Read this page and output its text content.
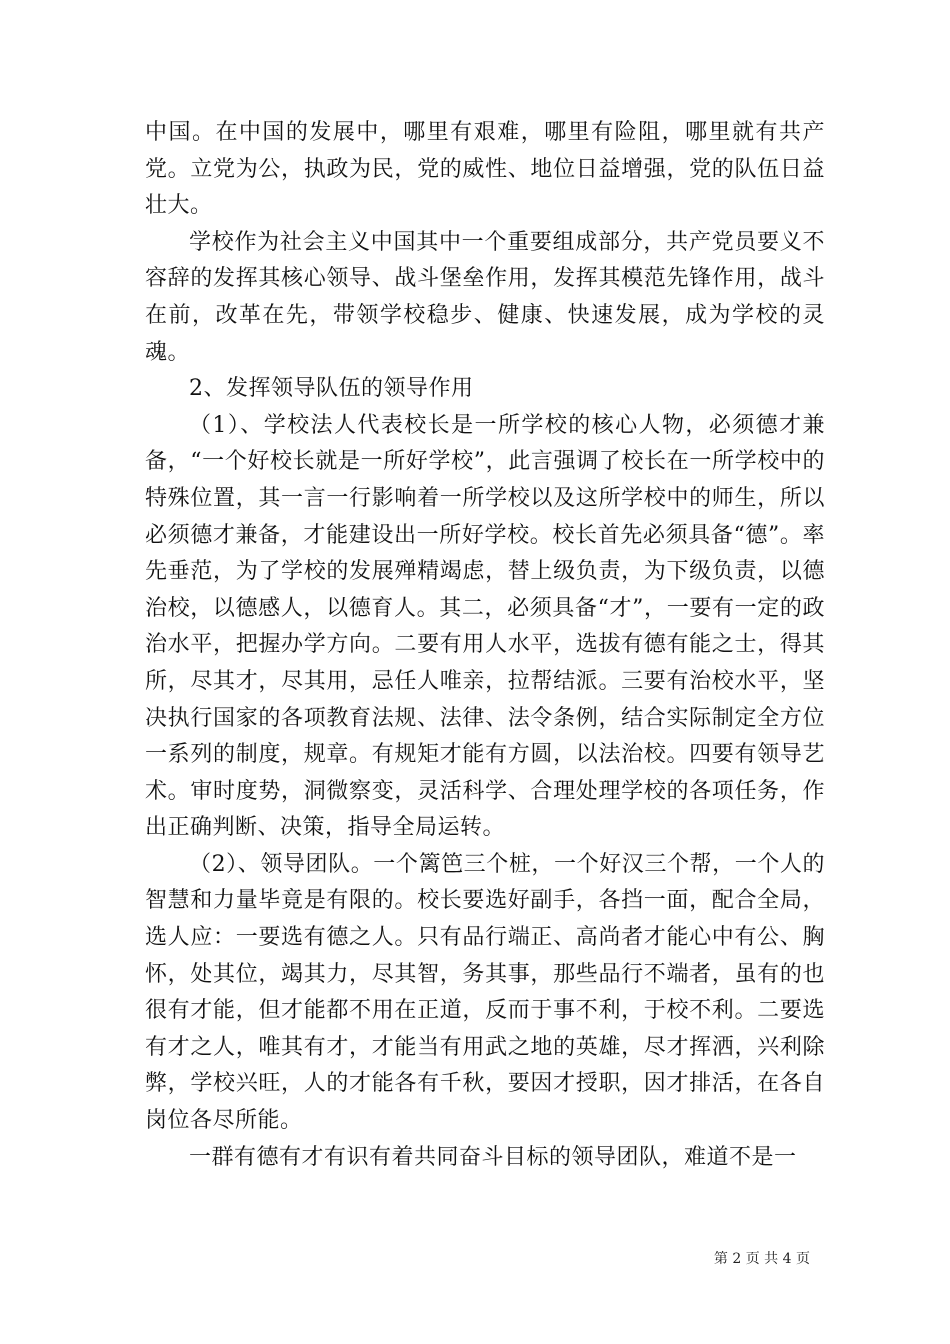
中国。在中国的发展中，哪里有艰难，哪里有险阻，哪里就有共产党。立党为公，执政为民，党的威性、地位日益增强，党的队伍日益壮大。

学校作为社会主义中国其中一个重要组成部分，共产党员要义不容辞的发挥其核心领导、战斗堡垒作用，发挥其模范先锋作用，战斗在前，改革在先，带领学校稳步、健康、快速发展，成为学校的灵魂。

2、发挥领导队伍的领导作用

（1）、学校法人代表校长是一所学校的核心人物，必须德才兼备，“一个好校长就是一所好学校”，此言强调了校长在一所学校中的特殊位置，其一言一行影响着一所学校以及这所学校中的师生，所以必须德才兼备，才能建设出一所好学校。校长首先必须具备“德”。率先垂范，为了学校的发展殚精竭虑，替上级负责，为下级负责，以德治校，以德感人，以德育人。其二，必须具备“才”，一要有一定的政治水平，把握办学方向。二要有用人水平，选拔有德有能之士，得其所，尽其才，尽其用，忌任人唯亲，拉帮结派。三要有治校水平，坚决执行国家的各项教育法规、法律、法令条例，结合实际制定全方位一系列的制度，规章。有规矩才能有方圆，以法治校。四要有领导艺术。审时度势，洞微察变，灵活科学、合理处理学校的各项任务，作出正确判断、决策，指导全局运转。

（2）、领导团队。一个篱笆三个桩，一个好汉三个帮，一个人的智慧和力量毕竟是有限的。校长要选好副手，各挡一面，配合全局，选人应：一要选有德之人。只有品行端正、高尚者才能心中有公、胸怀，处其位，竭其力，尽其智，务其事，那些品行不端者，虽有的也很有才能，但才能都不用在正道，反而于事不利，于校不利。二要选有才之人，唯其有才，才能当有用武之地的英雄，尽才挥洒，兴利除弊，学校兴旺，人的才能各有千秋，要因才授职，因才排活，在各自岗位各尽所能。

一群有德有才有识有着共同奋斗目标的领导团队，难道不是一

第 2 页 共 4 页
